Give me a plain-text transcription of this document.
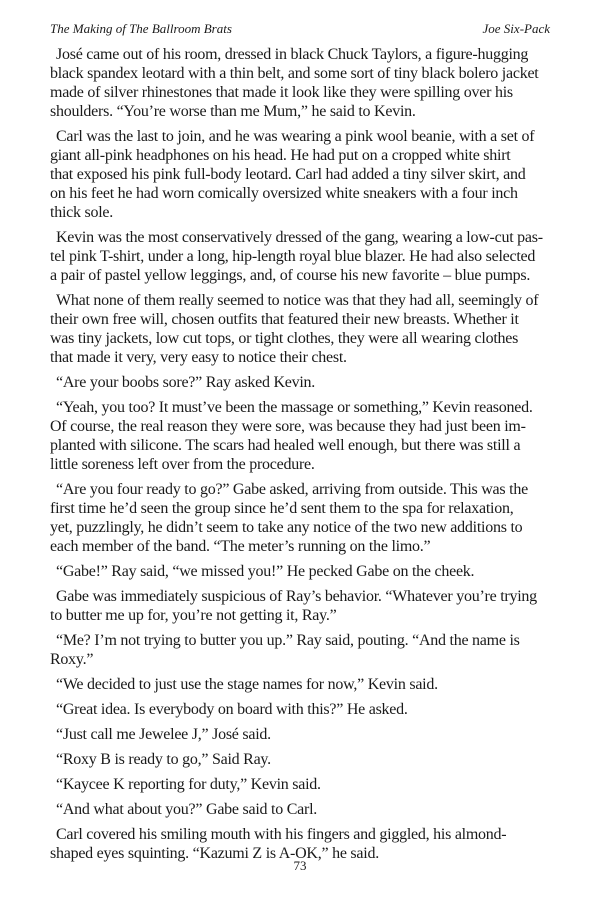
The Making of The Ballroom Brats	Joe Six-Pack
José came out of his room, dressed in black Chuck Taylors, a figure-hugging
black spandex leotard with a thin belt, and some sort of tiny black bolero jacket
made of silver rhinestones that made it look like they were spilling over his
shoulders. “You’re worse than me Mum,” he said to Kevin.
Carl was the last to join, and he was wearing a pink wool beanie, with a set of
giant all-pink headphones on his head. He had put on a cropped white shirt
that exposed his pink full-body leotard. Carl had added a tiny silver skirt, and
on his feet he had worn comically oversized white sneakers with a four inch
thick sole.
Kevin was the most conservatively dressed of the gang, wearing a low-cut pas-
tel pink T-shirt, under a long, hip-length royal blue blazer. He had also selected
a pair of pastel yellow leggings, and, of course his new favorite – blue pumps.
What none of them really seemed to notice was that they had all, seemingly of
their own free will, chosen outfits that featured their new breasts. Whether it
was tiny jackets, low cut tops, or tight clothes, they were all wearing clothes
that made it very, very easy to notice their chest.
“Are your boobs sore?” Ray asked Kevin.
“Yeah, you too? It must’ve been the massage or something,” Kevin reasoned.
Of course, the real reason they were sore, was because they had just been im-
planted with silicone. The scars had healed well enough, but there was still a
little soreness left over from the procedure.
“Are you four ready to go?” Gabe asked, arriving from outside. This was the
first time he’d seen the group since he’d sent them to the spa for relaxation,
yet, puzzlingly, he didn’t seem to take any notice of the two new additions to
each member of the band. “The meter’s running on the limo.”
“Gabe!” Ray said, “we missed you!” He pecked Gabe on the cheek.
Gabe was immediately suspicious of Ray’s behavior. “Whatever you’re trying
to butter me up for, you’re not getting it, Ray.”
“Me? I’m not trying to butter you up.” Ray said, pouting. “And the name is
Roxy.”
“We decided to just use the stage names for now,” Kevin said.
“Great idea. Is everybody on board with this?” He asked.
“Just call me Jewelee J,” José said.
“Roxy B is ready to go,” Said Ray.
“Kaycee K reporting for duty,” Kevin said.
“And what about you?” Gabe said to Carl.
Carl covered his smiling mouth with his fingers and giggled, his almond-
shaped eyes squinting. “Kazumi Z is A-OK,” he said.
73
